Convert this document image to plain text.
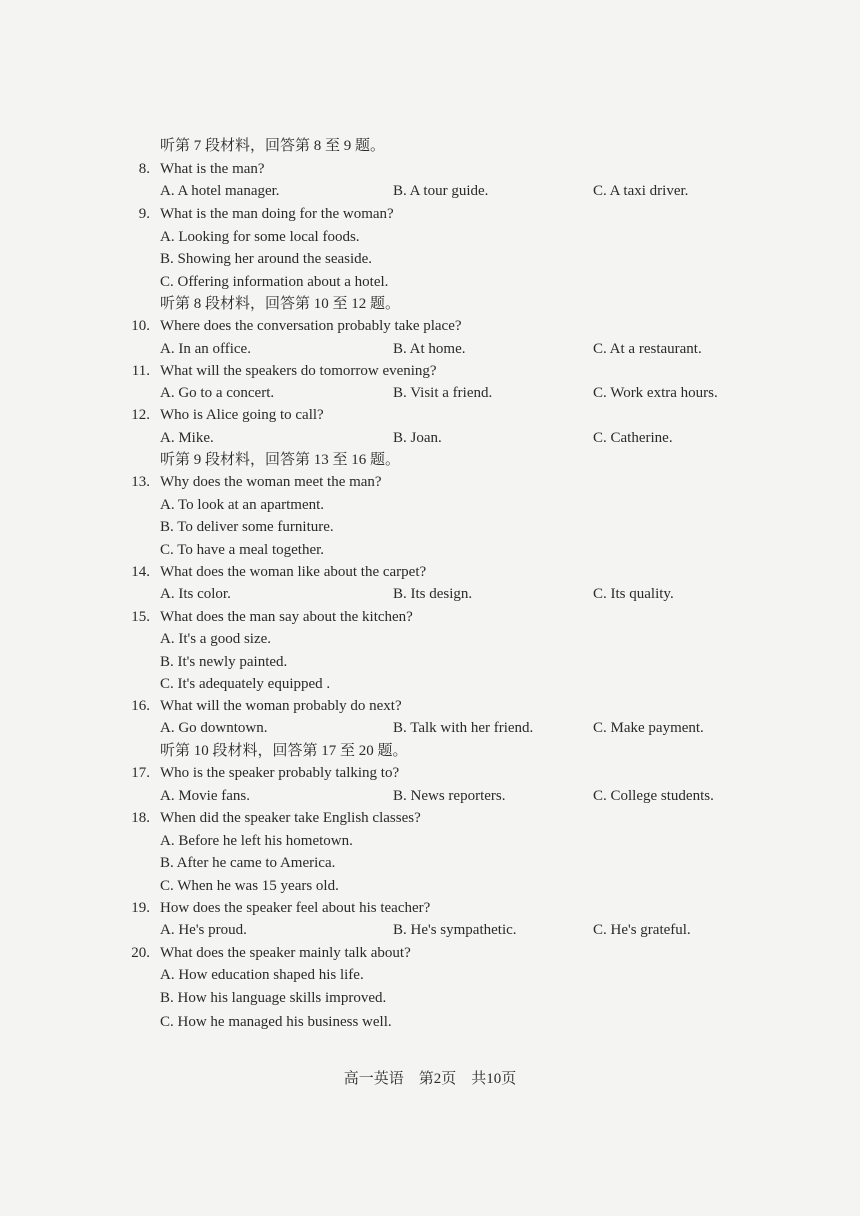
听第 7 段材料，回答第 8 至 9 题。
8. What is the man?
A. A hotel manager.	B. A tour guide.	C. A taxi driver.
9. What is the man doing for the woman?
A. Looking for some local foods.
B. Showing her around the seaside.
C. Offering information about a hotel.
听第 8 段材料，回答第 10 至 12 题。
10. Where does the conversation probably take place?
A. In an office.	B. At home.	C. At a restaurant.
11. What will the speakers do tomorrow evening?
A. Go to a concert.	B. Visit a friend.	C. Work extra hours.
12. Who is Alice going to call?
A. Mike.	B. Joan.	C. Catherine.
听第 9 段材料，回答第 13 至 16 题。
13. Why does the woman meet the man?
A. To look at an apartment.
B. To deliver some furniture.
C. To have a meal together.
14. What does the woman like about the carpet?
A. Its color.	B. Its design.	C. Its quality.
15. What does the man say about the kitchen?
A. It's a good size.
B. It's newly painted.
C. It's adequately equipped .
16. What will the woman probably do next?
A. Go downtown.	B. Talk with her friend.	C. Make payment.
听第 10 段材料，回答第 17 至 20 题。
17. Who is the speaker probably talking to?
A. Movie fans.	B. News reporters.	C. College students.
18. When did the speaker take English classes?
A. Before he left his hometown.
B. After he came to America.
C. When he was 15 years old.
19. How does the speaker feel about his teacher?
A. He's proud.	B. He's sympathetic.	C. He's grateful.
20. What does the speaker mainly talk about?
A. How education shaped his life.
B. How his language skills improved.
C. How he managed his business well.
高一英语　第2页　共10页
